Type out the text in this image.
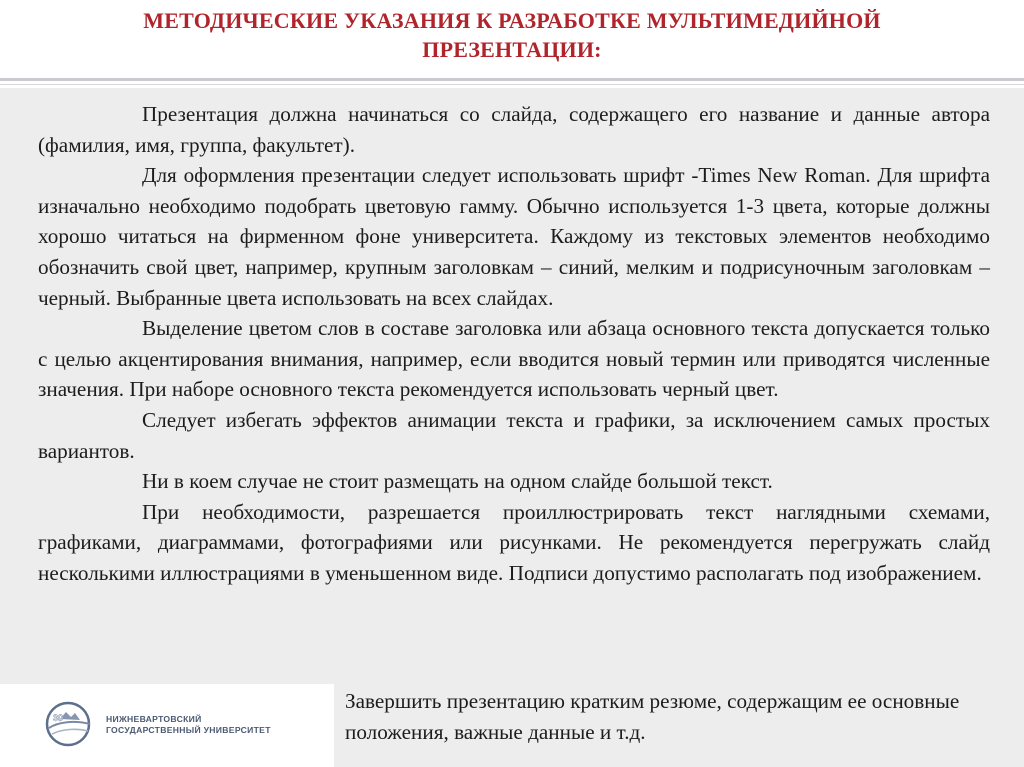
МЕТОДИЧЕСКИЕ УКАЗАНИЯ К РАЗРАБОТКЕ МУЛЬТИМЕДИЙНОЙ ПРЕЗЕНТАЦИИ:

Презентация должна начинаться со слайда, содержащего его название и данные автора (фамилия, имя, группа, факультет).

Для оформления презентации следует использовать шрифт -Times New Roman. Для шрифта изначально необходимо подобрать цветовую гамму. Обычно используется 1-3 цвета, которые должны хорошо читаться на фирменном фоне университета. Каждому из текстовых элементов необходимо обозначить свой цвет, например, крупным заголовкам – синий, мелким и подрисуночным заголовкам – черный. Выбранные цвета использовать на всех слайдах.

Выделение цветом слов в составе заголовка или абзаца основного текста допускается только с целью акцентирования внимания, например, если вводится новый термин или приводятся численные значения. При наборе основного текста рекомендуется использовать черный цвет.

Следует избегать эффектов анимации текста и графики, за исключением самых простых вариантов.

Ни в коем случае не стоит размещать на одном слайде большой текст.

При необходимости, разрешается проиллюстрировать текст наглядными схемами, графиками, диаграммами, фотографиями или рисунками. Не рекомендуется перегружать слайд несколькими иллюстрациями в уменьшенном виде. Подписи допустимо располагать под изображением.

30	НИЖНЕВАРТОВСКИЙ
ГОСУДАРСТВЕННЫЙ УНИВЕРСИТЕТ

Завершить презентацию кратким резюме, содержащим ее основные положения, важные данные и т.д.
